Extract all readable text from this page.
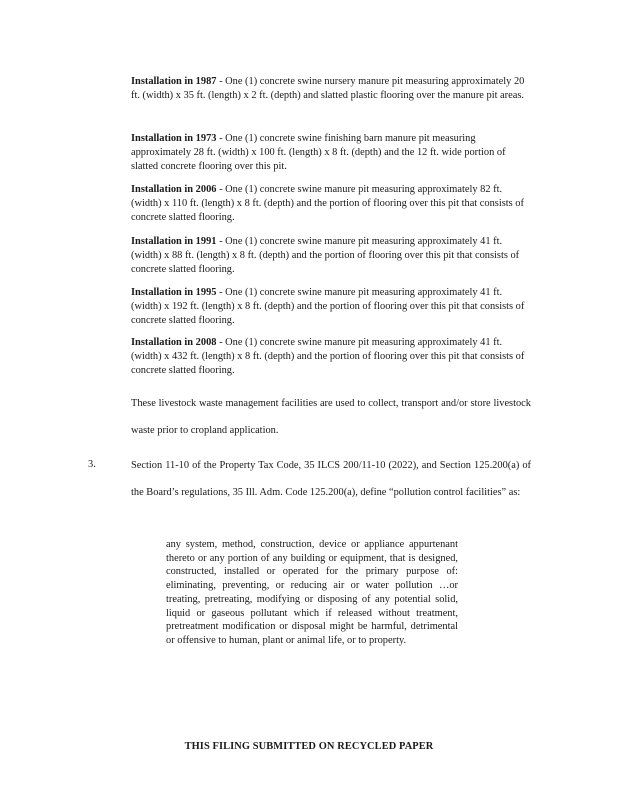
Installation in 1987 - One (1) concrete swine nursery manure pit measuring approximately 20 ft. (width) x 35 ft. (length) x 2 ft. (depth) and slatted plastic flooring over the manure pit areas.
Installation in 1973 - One (1) concrete swine finishing barn manure pit measuring approximately 28 ft. (width) x 100 ft. (length) x 8 ft. (depth) and the 12 ft. wide portion of slatted concrete flooring over this pit.
Installation in 2006 - One (1) concrete swine manure pit measuring approximately 82 ft. (width) x 110 ft. (length) x 8 ft. (depth) and the portion of flooring over this pit that consists of concrete slatted flooring.
Installation in 1991 - One (1) concrete swine manure pit measuring approximately 41 ft. (width) x 88 ft. (length) x 8 ft. (depth) and the portion of flooring over this pit that consists of concrete slatted flooring.
Installation in 1995 - One (1) concrete swine manure pit measuring approximately 41 ft. (width) x 192 ft. (length) x 8 ft. (depth) and the portion of flooring over this pit that consists of concrete slatted flooring.
Installation in 2008 - One (1) concrete swine manure pit measuring approximately 41 ft. (width) x 432 ft. (length) x 8 ft. (depth) and the portion of flooring over this pit that consists of concrete slatted flooring.
These livestock waste management facilities are used to collect, transport and/or store livestock waste prior to cropland application.
3.	Section 11-10 of the Property Tax Code, 35 ILCS 200/11-10 (2022), and Section 125.200(a) of the Board’s regulations, 35 Ill. Adm. Code 125.200(a), define “pollution control facilities” as:
any system, method, construction, device or appliance appurtenant thereto or any portion of any building or equipment, that is designed, constructed, installed or operated for the primary purpose of: eliminating, preventing, or reducing air or water pollution …or treating, pretreating, modifying or disposing of any potential solid, liquid or gaseous pollutant which if released without treatment, pretreatment modification or disposal might be harmful, detrimental or offensive to human, plant or animal life, or to property.
THIS FILING SUBMITTED ON RECYCLED PAPER
